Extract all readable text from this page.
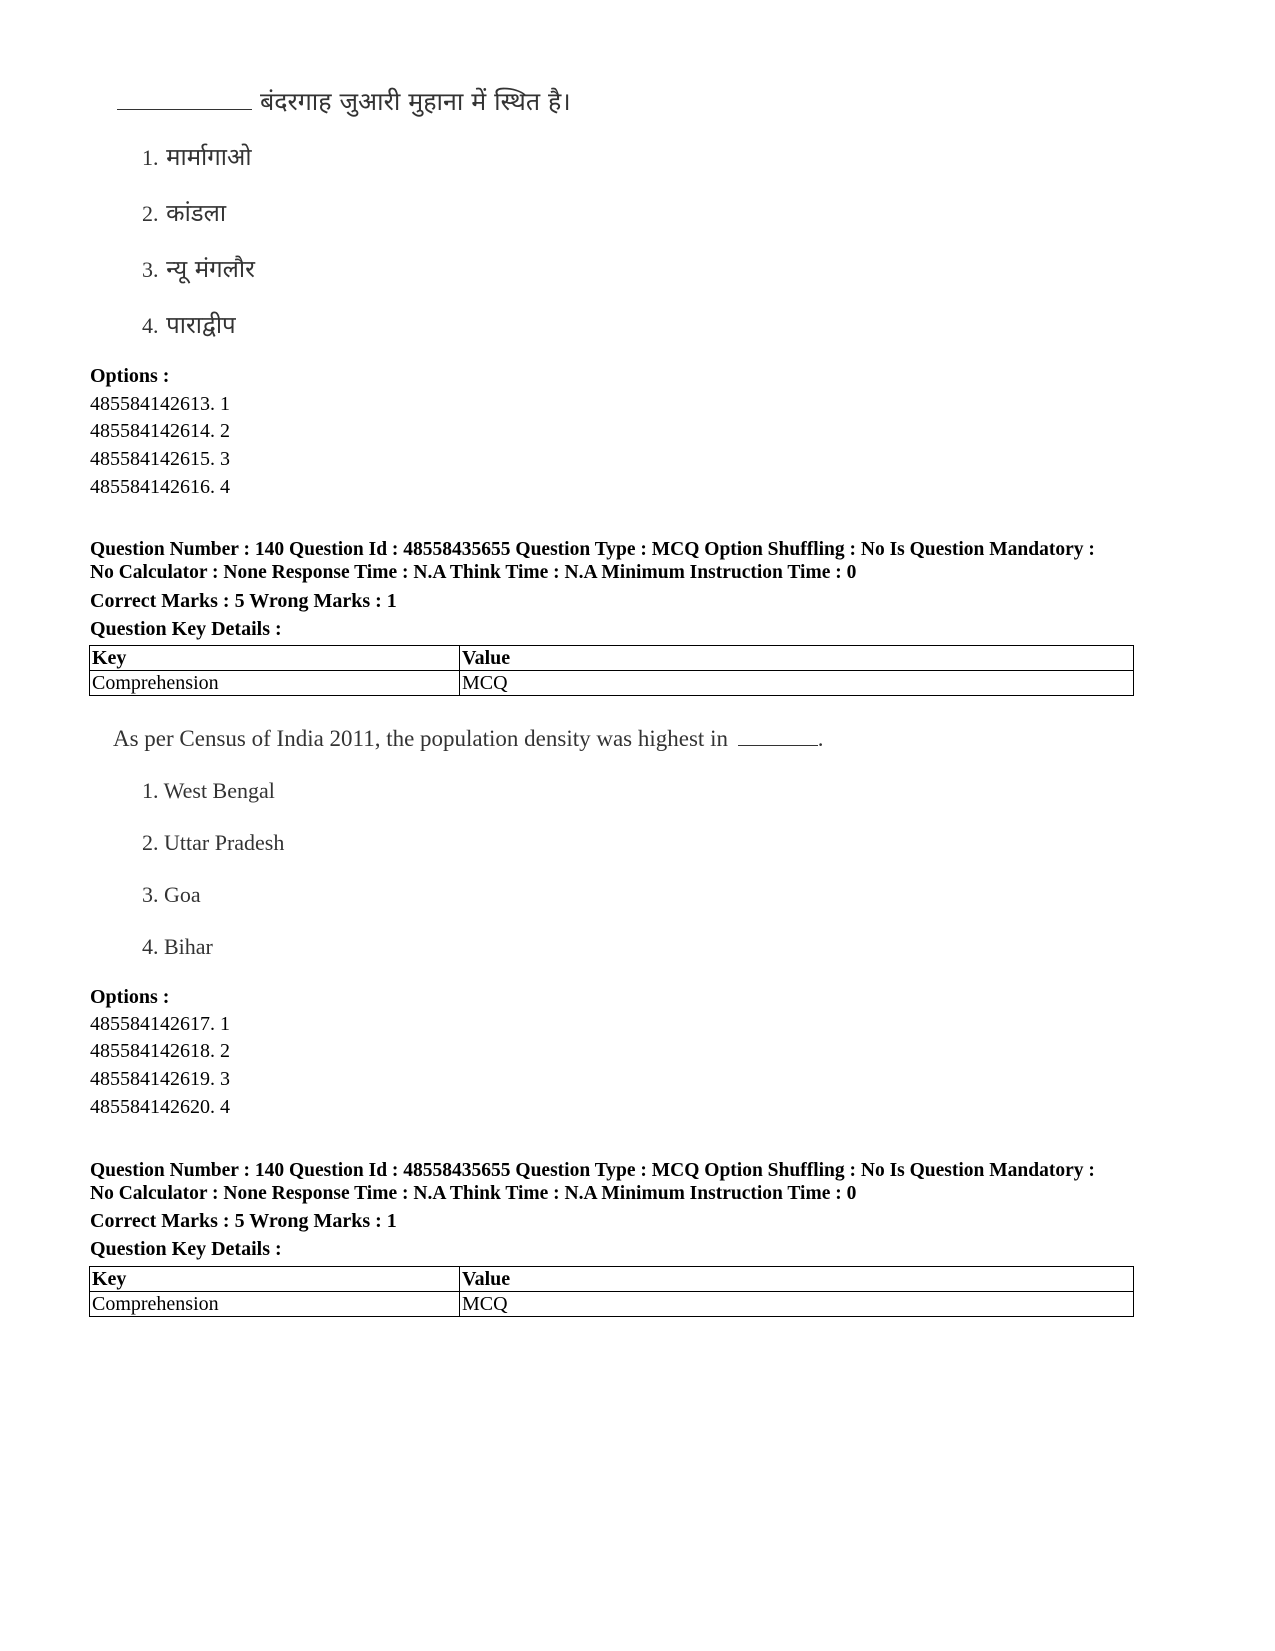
बंदरगाह जुआरी मुहाना में स्थित है।
1. मार्मागाओ
2. कांडला
3. न्यू मंगलौर
4. पाराद्वीप
Options :
485584142613. 1
485584142614. 2
485584142615. 3
485584142616. 4
Question Number : 140 Question Id : 48558435655 Question Type : MCQ Option Shuffling : No Is Question Mandatory :
No Calculator : None Response Time : N.A Think Time : N.A Minimum Instruction Time : 0
Correct Marks : 5 Wrong Marks : 1
Question Key Details :
Key	Value
Comprehension	MCQ
As per Census of India 2011, the population density was highest in	.
1. West Bengal
2. Uttar Pradesh
3. Goa
4. Bihar
Options :
485584142617. 1
485584142618. 2
485584142619. 3
485584142620. 4
Question Number : 140 Question Id : 48558435655 Question Type : MCQ Option Shuffling : No Is Question Mandatory :
No Calculator : None Response Time : N.A Think Time : N.A Minimum Instruction Time : 0
Correct Marks : 5 Wrong Marks : 1
Question Key Details :
Key	Value
Comprehension	MCQ
